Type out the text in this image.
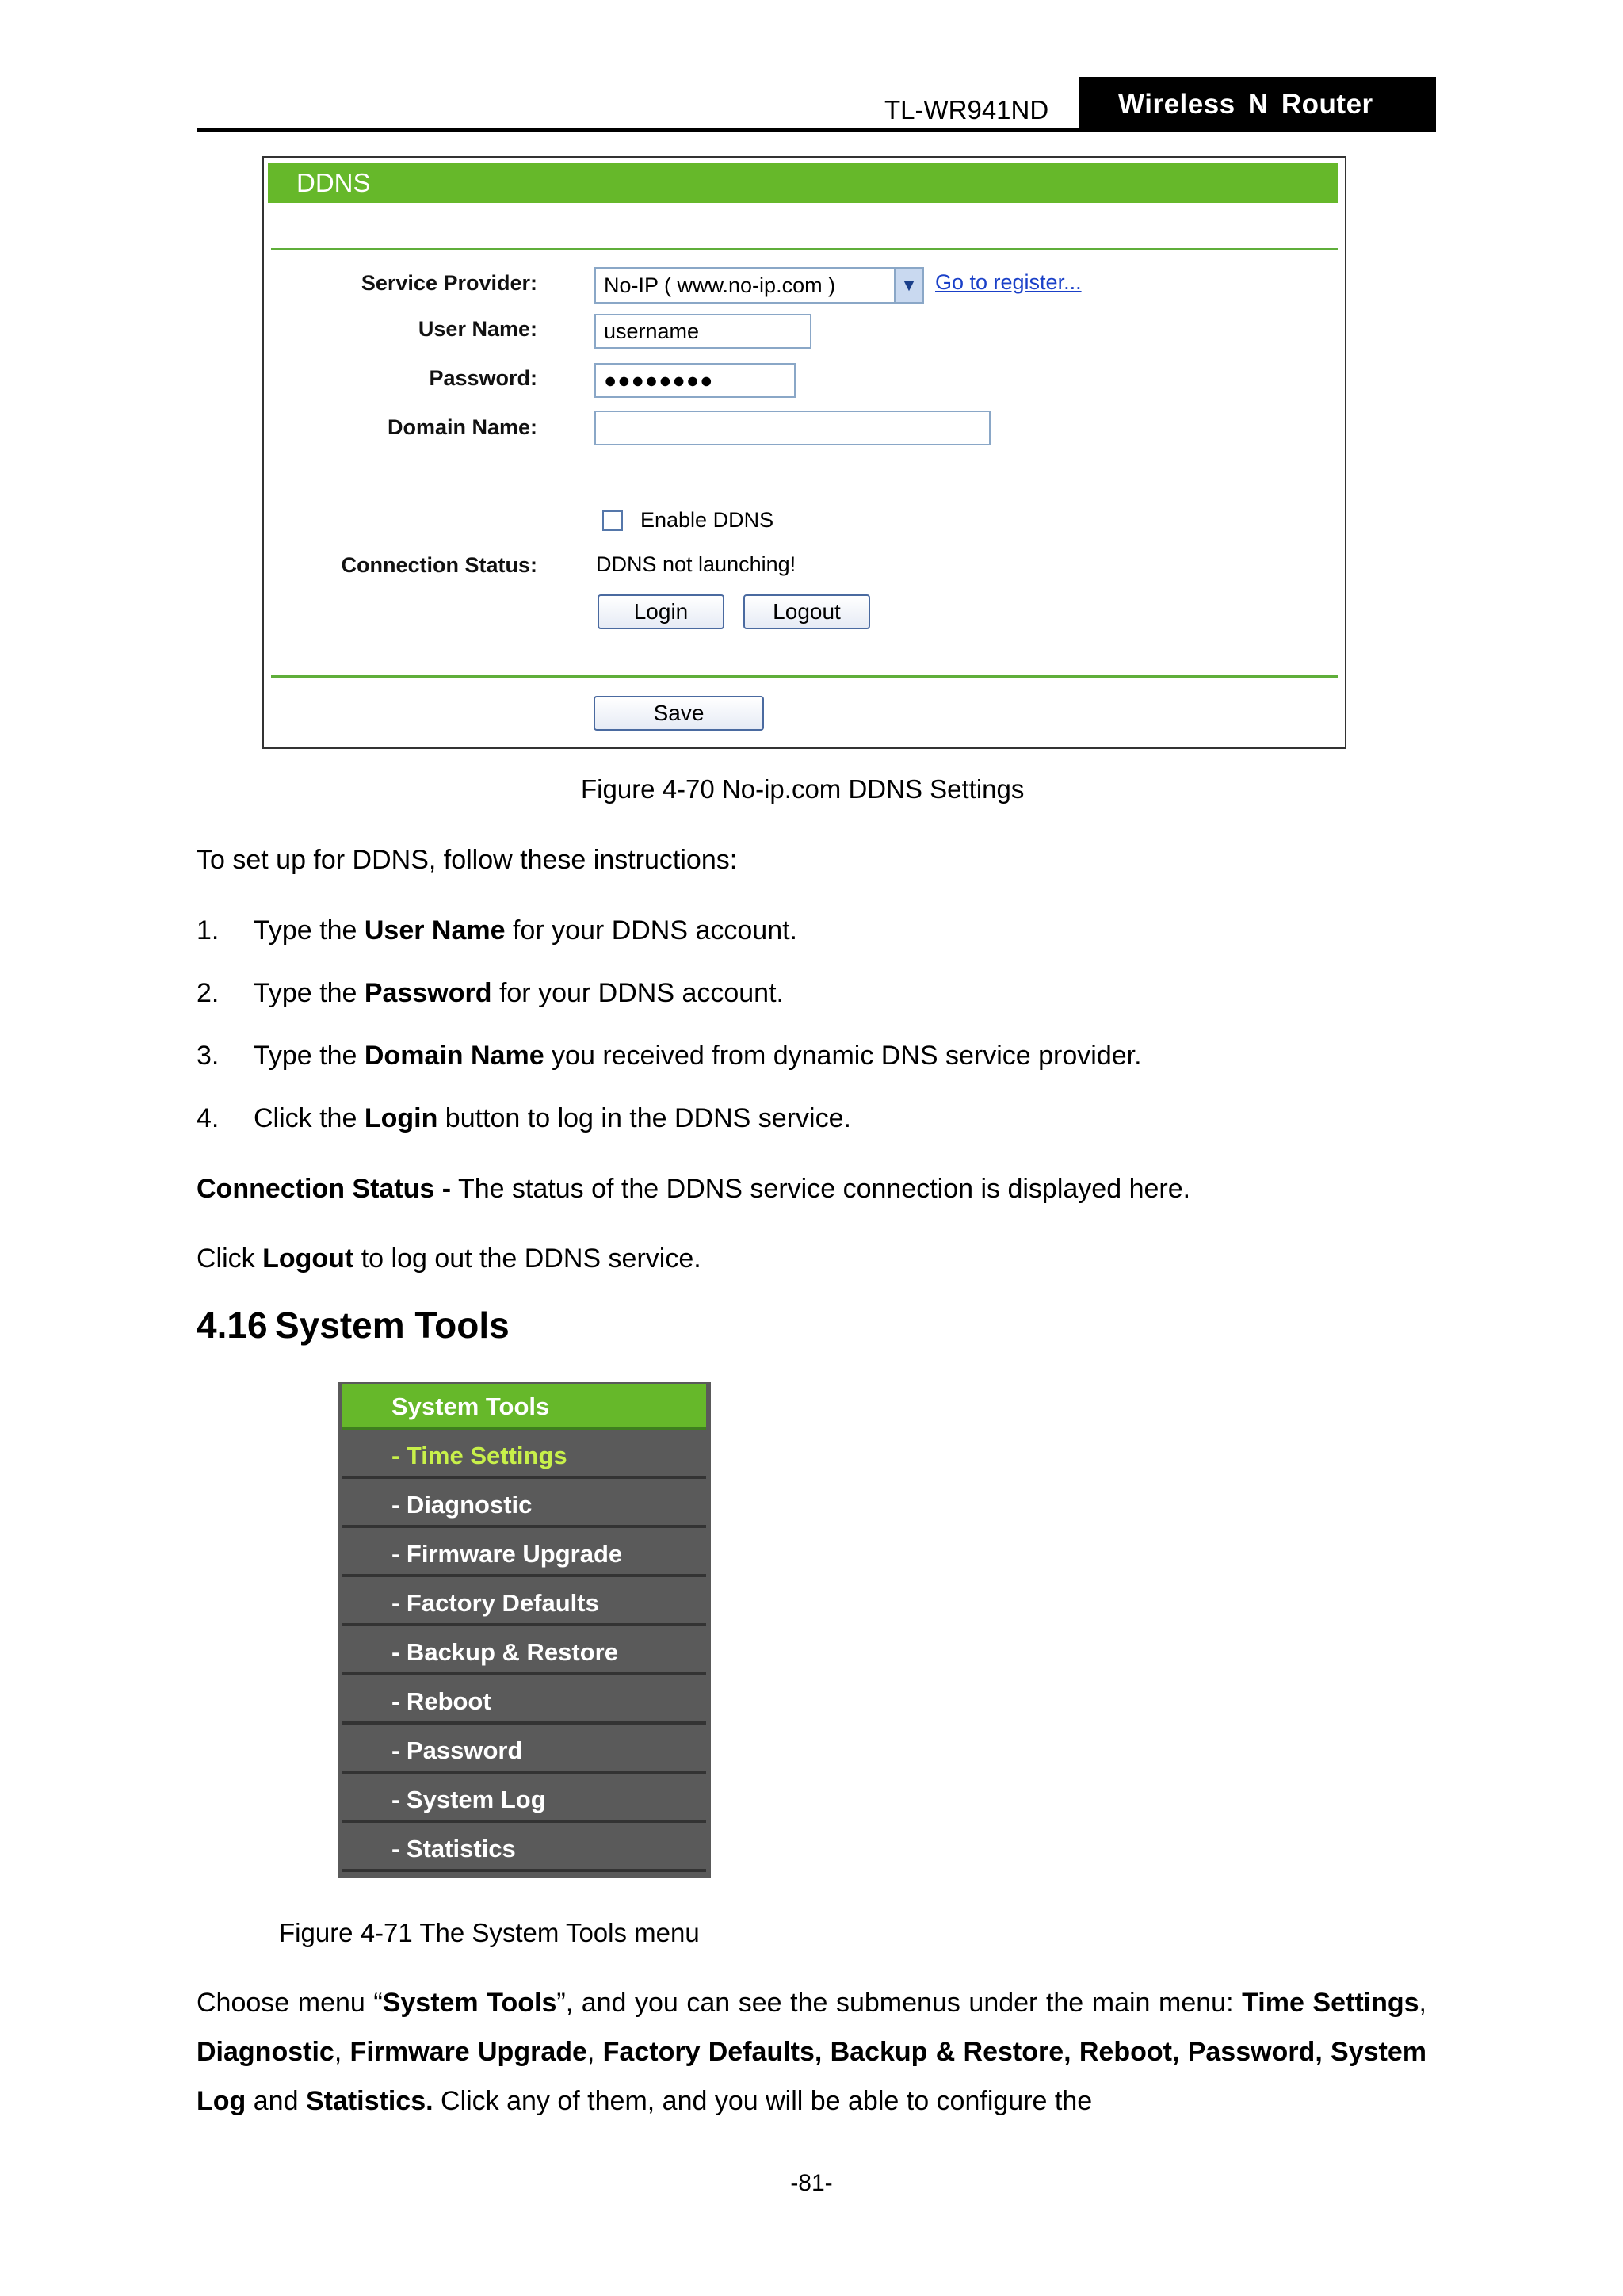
TL-WR941ND	Wireless N Router
DDNS
Service Provider:	No-IP ( www.no-ip.com )	▼ Go to register...
User Name:	username
Password:	●●●●●●●●
Domain Name:
Enable DDNS
Connection Status:	DDNS not launching!
Login	Logout
Save
Figure 4-70 No-ip.com DDNS Settings
To set up for DDNS, follow these instructions:
1. Type the User Name for your DDNS account.
2. Type the Password for your DDNS account.
3. Type the Domain Name you received from dynamic DNS service provider.
4. Click the Login button to log in the DDNS service.
Connection Status - The status of the DDNS service connection is displayed here.
Click Logout to log out the DDNS service.
4.16 System Tools
System Tools
- Time Settings
- Diagnostic
- Firmware Upgrade
- Factory Defaults
- Backup & Restore
- Reboot
- Password
- System Log
- Statistics
Figure 4-71 The System Tools menu
Choose menu “System Tools”, and you can see the submenus under the main menu: Time Settings, Diagnostic, Firmware Upgrade, Factory Defaults, Backup & Restore, Reboot, Password, System Log and Statistics. Click any of them, and you will be able to configure the
-81-
